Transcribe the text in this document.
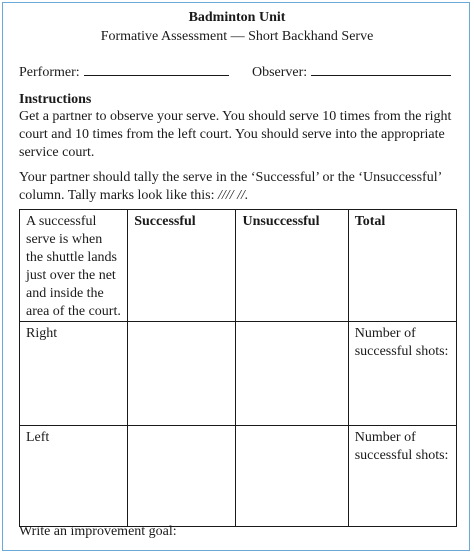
Badminton Unit
Formative Assessment — Short Backhand Serve
Performer:	Observer:
Instructions
Get a partner to observe your serve. You should serve 10 times from the right court and 10 times from the left court. You should serve into the appropriate service court.
Your partner should tally the serve in the ‘Successful’ or the ‘Unsuccessful’ column. Tally marks look like this: //// //.
A successful serve is when the shuttle lands just over the net and inside the area of the court.	Successful	Unsuccessful	Total
Right			Number of successful shots:
Left			Number of successful shots:
Write an improvement goal:
